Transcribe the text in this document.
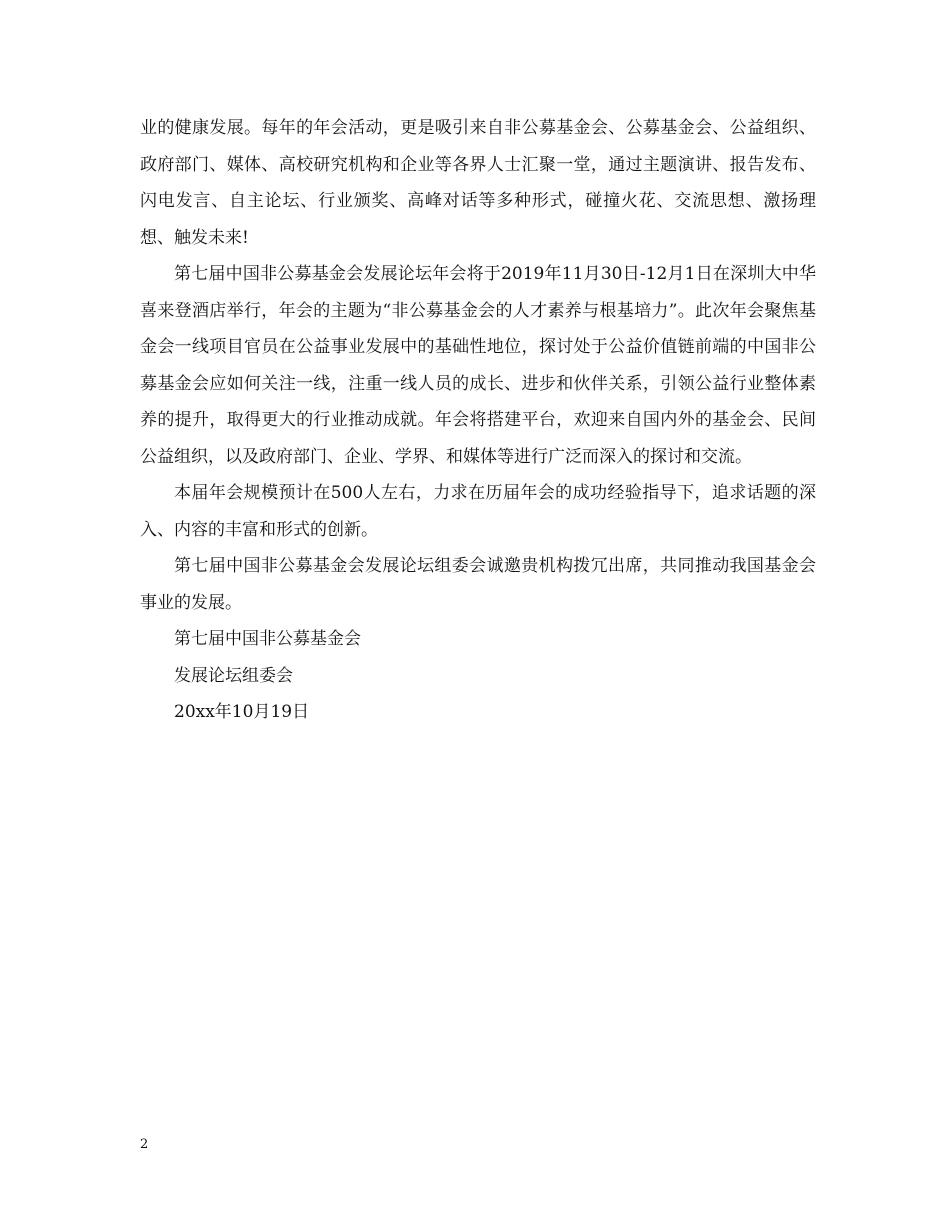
业的健康发展。每年的年会活动，更是吸引来自非公募基金会、公募基金会、公益组织、政府部门、媒体、高校研究机构和企业等各界人士汇聚一堂，通过主题演讲、报告发布、闪电发言、自主论坛、行业颁奖、高峰对话等多种形式，碰撞火花、交流思想、激扬理想、触发未来!

第七届中国非公募基金会发展论坛年会将于2019年11月30日-12月1日在深圳大中华喜来登酒店举行，年会的主题为“非公募基金会的人才素养与根基培力”。此次年会聚焦基金会一线项目官员在公益事业发展中的基础性地位，探讨处于公益价值链前端的中国非公募基金会应如何关注一线，注重一线人员的成长、进步和伙伴关系，引领公益行业整体素养的提升，取得更大的行业推动成就。年会将搭建平台，欢迎来自国内外的基金会、民间公益组织，以及政府部门、企业、学界、和媒体等进行广泛而深入的探讨和交流。

本届年会规模预计在500人左右，力求在历届年会的成功经验指导下，追求话题的深入、内容的丰富和形式的创新。

第七届中国非公募基金会发展论坛组委会诚邀贵机构拨冗出席，共同推动我国基金会事业的发展。

第七届中国非公募基金会

发展论坛组委会

20xx年10月19日

2
